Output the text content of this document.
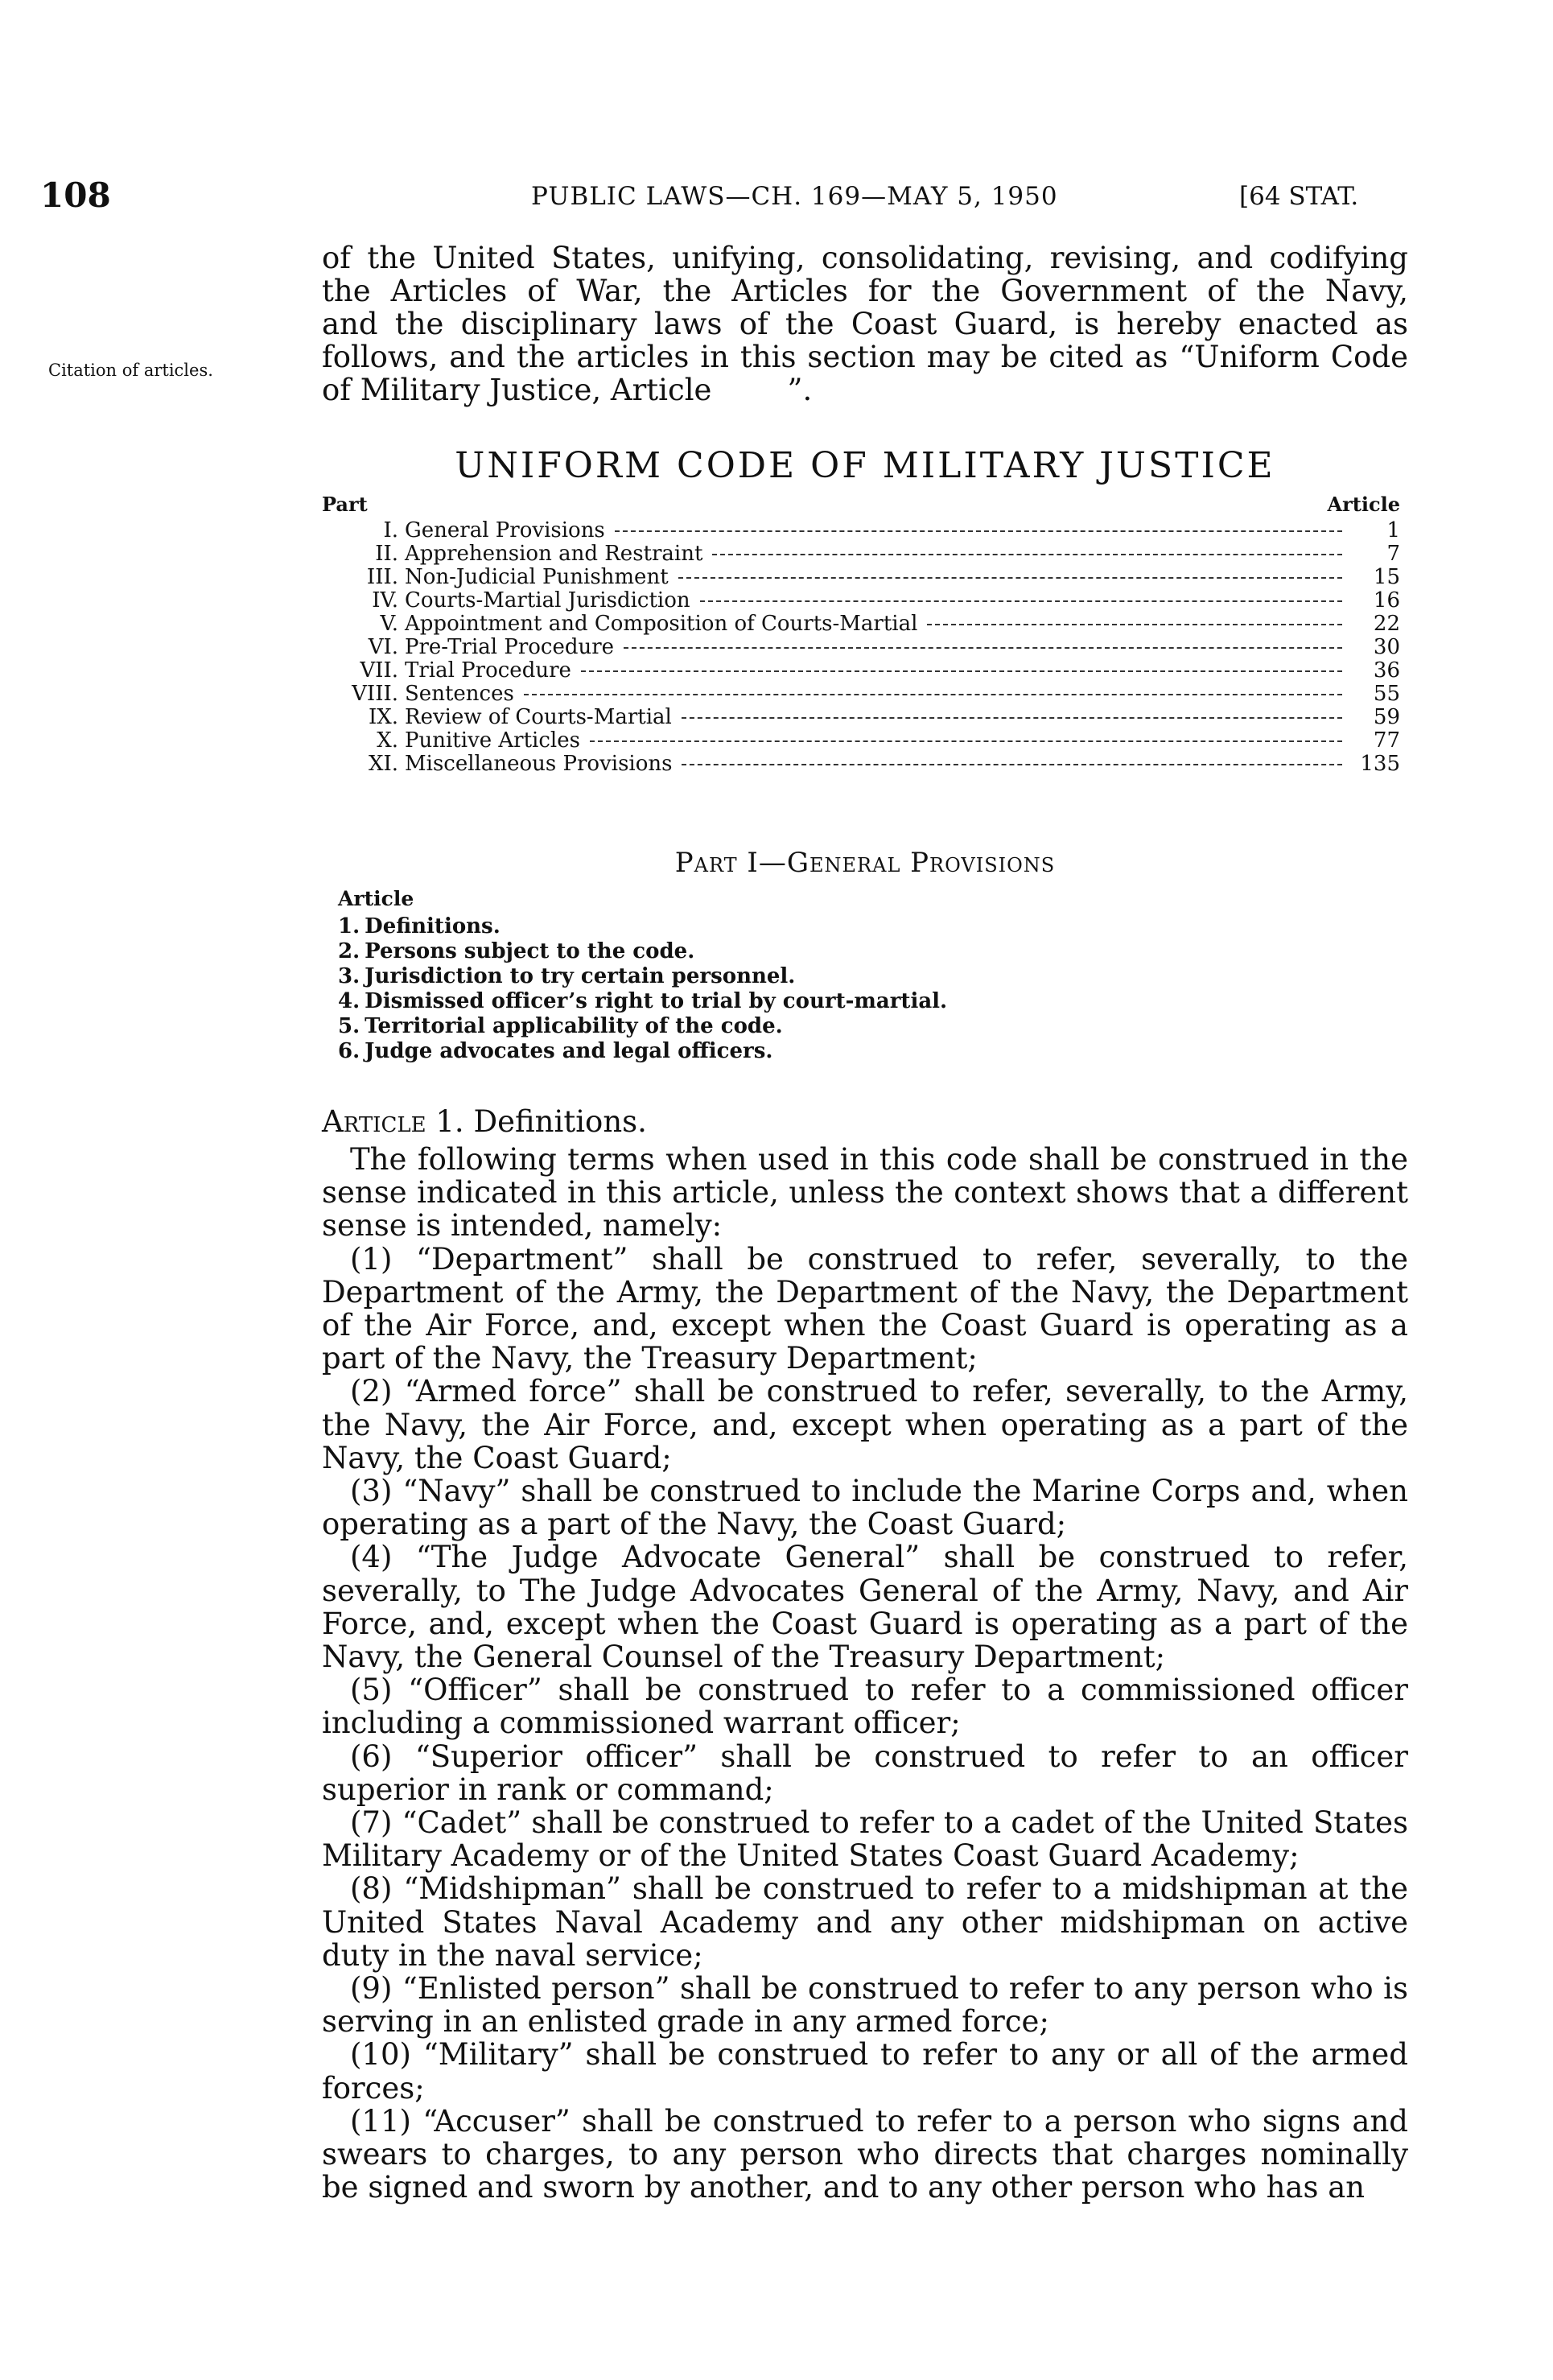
108	PUBLIC LAWS—CH. 169—MAY 5, 1950	[64 STAT.
Citation of articles.
of the United States, unifying, consolidating, revising, and codifying
the Articles of War, the Articles for the Government of the Navy,
and the disciplinary laws of the Coast Guard, is hereby enacted as
follows, and the articles in this section may be cited as “Uniform Code
of Military Justice, Article        ”.
UNIFORM CODE OF MILITARY JUSTICE
Part	Article
I. General Provisions	1
II. Apprehension and Restraint	7
III. Non-Judicial Punishment	15
IV. Courts-Martial Jurisdiction	16
V. Appointment and Composition of Courts-Martial	22
VI. Pre-Trial Procedure	30
VII. Trial Procedure	36
VIII. Sentences	55
IX. Review of Courts-Martial	59
X. Punitive Articles	77
XI. Miscellaneous Provisions	135
Part I—General Provisions
Article
1. Definitions.
2. Persons subject to the code.
3. Jurisdiction to try certain personnel.
4. Dismissed officer’s right to trial by court-martial.
5. Territorial applicability of the code.
6. Judge advocates and legal officers.
Article 1. Definitions.

The following terms when used in this code shall be construed in the sense indicated in this article, unless the context shows that a different sense is intended, namely:

(1) “Department” shall be construed to refer, severally, to the Department of the Army, the Department of the Navy, the Department of the Air Force, and, except when the Coast Guard is operating as a part of the Navy, the Treasury Department;

(2) “Armed force” shall be construed to refer, severally, to the Army, the Navy, the Air Force, and, except when operating as a part of the Navy, the Coast Guard;

(3) “Navy” shall be construed to include the Marine Corps and, when operating as a part of the Navy, the Coast Guard;

(4) “The Judge Advocate General” shall be construed to refer, severally, to The Judge Advocates General of the Army, Navy, and Air Force, and, except when the Coast Guard is operating as a part of the Navy, the General Counsel of the Treasury Department;

(5) “Officer” shall be construed to refer to a commissioned officer including a commissioned warrant officer;

(6) “Superior officer” shall be construed to refer to an officer superior in rank or command;

(7) “Cadet” shall be construed to refer to a cadet of the United States Military Academy or of the United States Coast Guard Academy;

(8) “Midshipman” shall be construed to refer to a midshipman at the United States Naval Academy and any other midshipman on active duty in the naval service;

(9) “Enlisted person” shall be construed to refer to any person who is serving in an enlisted grade in any armed force;

(10) “Military” shall be construed to refer to any or all of the armed forces;

(11) “Accuser” shall be construed to refer to a person who signs and swears to charges, to any person who directs that charges nominally be signed and sworn by another, and to any other person who has an
